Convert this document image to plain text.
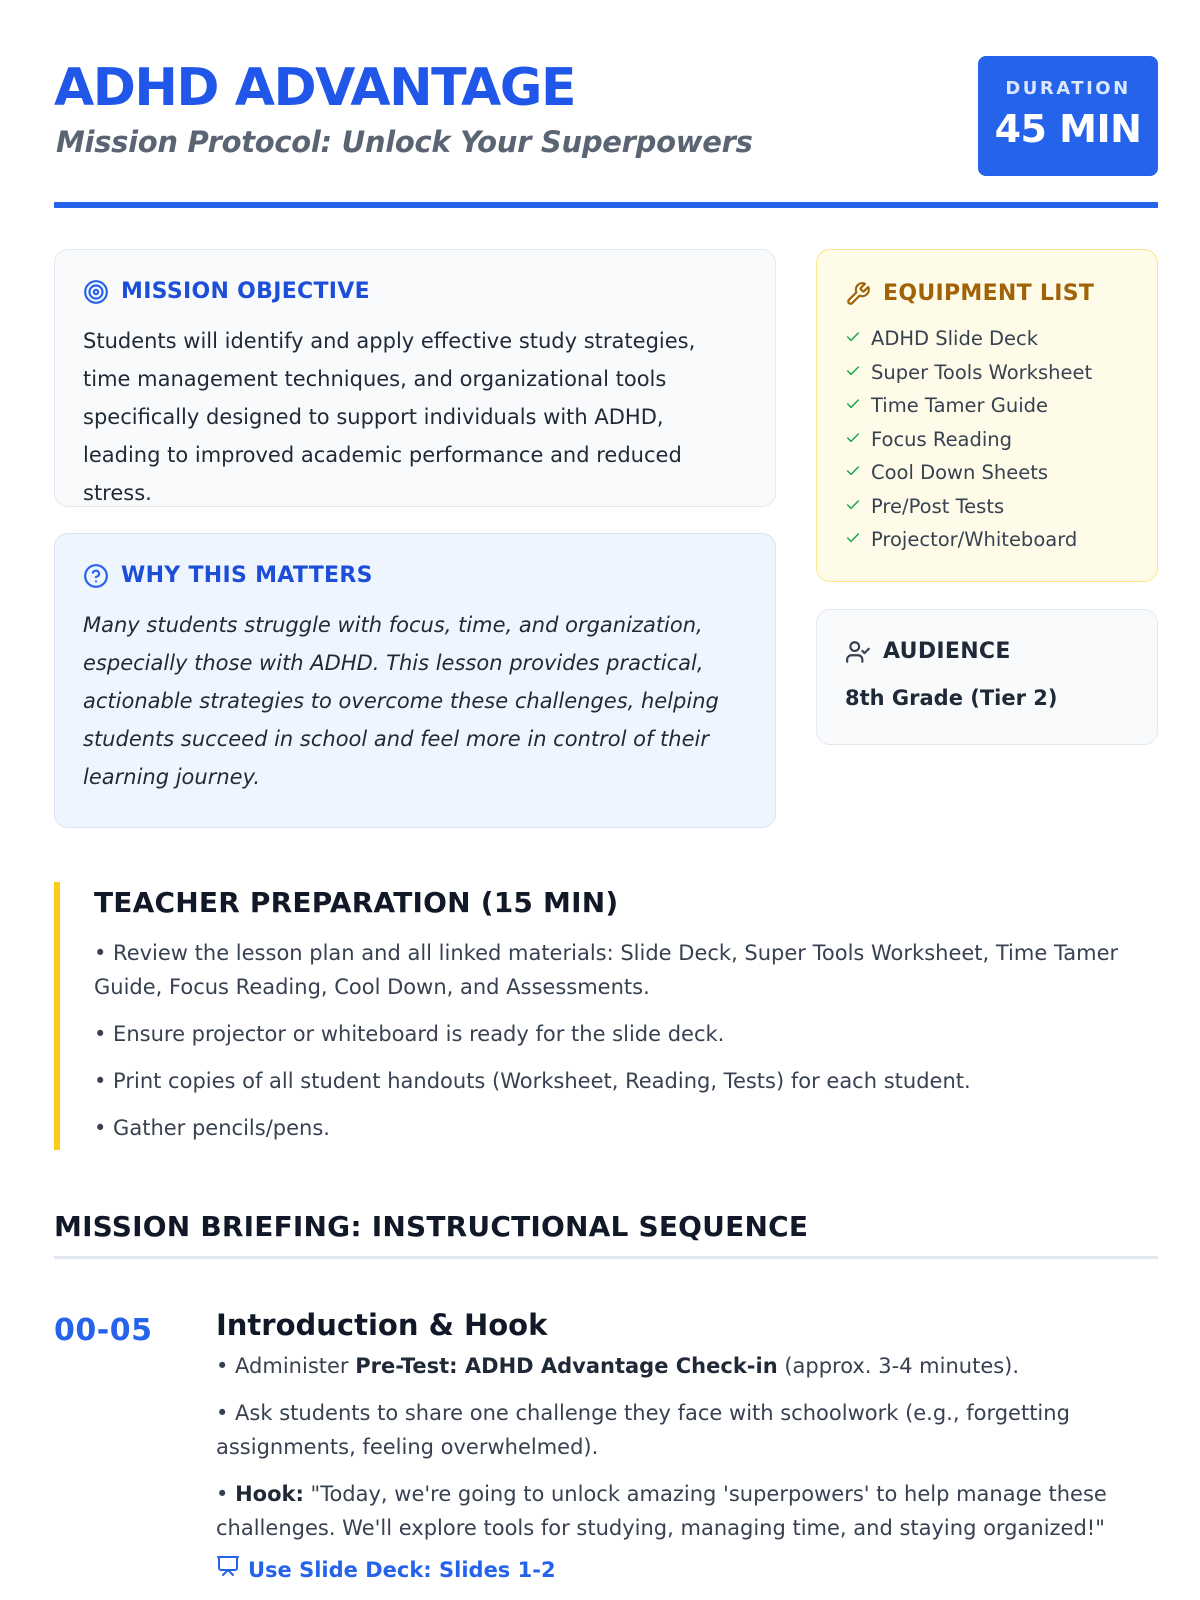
ADHD ADVANTAGE
Mission Protocol: Unlock Your Superpowers
DURATION
45 MIN
MISSION OBJECTIVE

Students will identify and apply effective study strategies, time management techniques, and organizational tools specifically designed to support individuals with ADHD, leading to improved academic performance and reduced stress.

WHY THIS MATTERS

Many students struggle with focus, time, and organization, especially those with ADHD. This lesson provides practical, actionable strategies to overcome these challenges, helping students succeed in school and feel more in control of their learning journey.

EQUIPMENT LIST
ADHD Slide Deck
Super Tools Worksheet
Time Tamer Guide
Focus Reading
Cool Down Sheets
Pre/Post Tests
Projector/Whiteboard
AUDIENCE
8th Grade (Tier 2)
TEACHER PREPARATION (15 MIN)
• Review the lesson plan and all linked materials: Slide Deck, Super Tools Worksheet, Time Tamer Guide, Focus Reading, Cool Down, and Assessments.
• Ensure projector or whiteboard is ready for the slide deck.
• Print copies of all student handouts (Worksheet, Reading, Tests) for each student.
• Gather pencils/pens.
MISSION BRIEFING: INSTRUCTIONAL SEQUENCE
00-05 Introduction & Hook
• Administer Pre-Test: ADHD Advantage Check-in (approx. 3-4 minutes).
• Ask students to share one challenge they face with schoolwork (e.g., forgetting assignments, feeling overwhelmed).
• Hook: "Today, we're going to unlock amazing 'superpowers' to help manage these challenges. We'll explore tools for studying, managing time, and staying organized!"
Use Slide Deck: Slides 1-2
